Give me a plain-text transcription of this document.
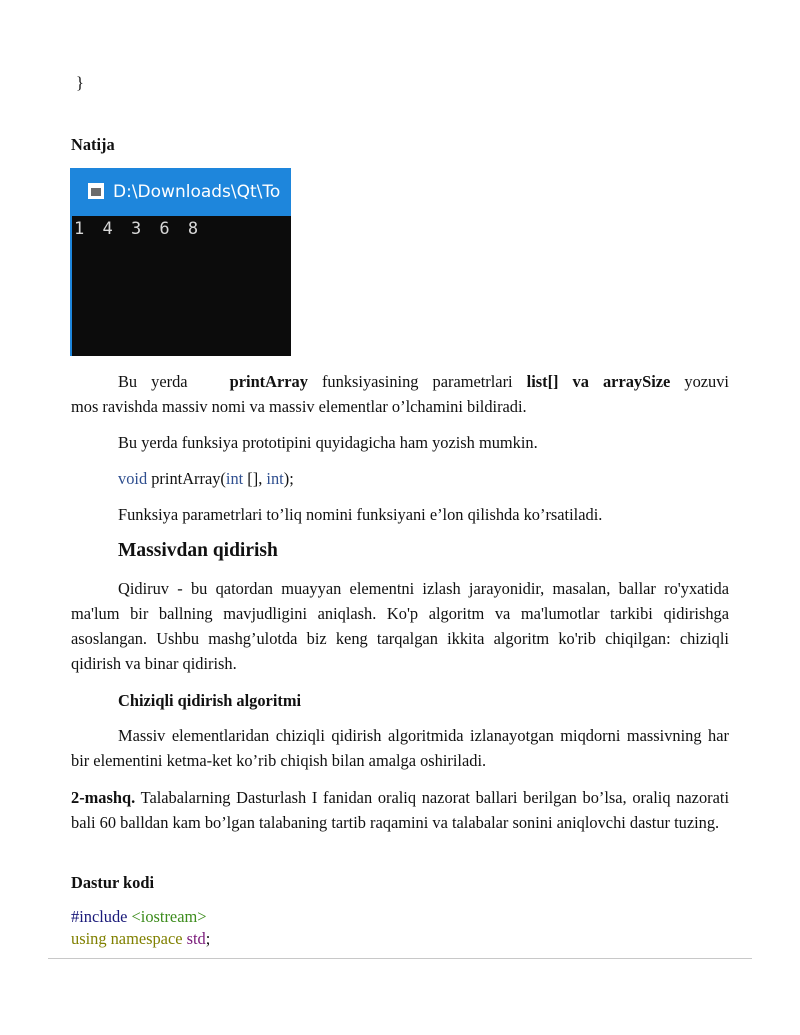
}
Natija
D:\Downloads\Qt\To
1 4 3 6 8
Bu yerda	printArray funksiyasining parametrlari list[] va arraySize yozuvi
mos ravishda massiv nomi va massiv elementlar o’lchamini bildiradi.
Bu yerda funksiya prototipini quyidagicha ham yozish mumkin.
void printArray(int [], int);
Funksiya parametrlari to’liq nomini funksiyani e’lon qilishda ko’rsatiladi.
Massivdan qidirish
Qidiruv - bu qatordan muayyan elementni izlash jarayonidir, masalan, ballar ro'yxatida ma'lum bir ballning mavjudligini aniqlash. Ko'p algoritm va ma'lumotlar tarkibi qidirishga asoslangan. Ushbu mashg’ulotda biz keng tarqalgan ikkita algoritm ko'rib chiqilgan: chiziqli qidirish va binar qidirish.
Chiziqli qidirish algoritmi
Massiv elementlaridan chiziqli qidirish algoritmida izlanayotgan miqdorni massivning har bir elementini ketma-ket ko’rib chiqish bilan amalga oshiriladi.
2-mashq. Talabalarning Dasturlash I fanidan oraliq nazorat ballari berilgan bo’lsa, oraliq nazorati bali 60 balldan kam bo’lgan talabaning tartib raqamini va talabalar sonini aniqlovchi dastur tuzing.
Dastur kodi
#include <iostream>
using namespace std;
